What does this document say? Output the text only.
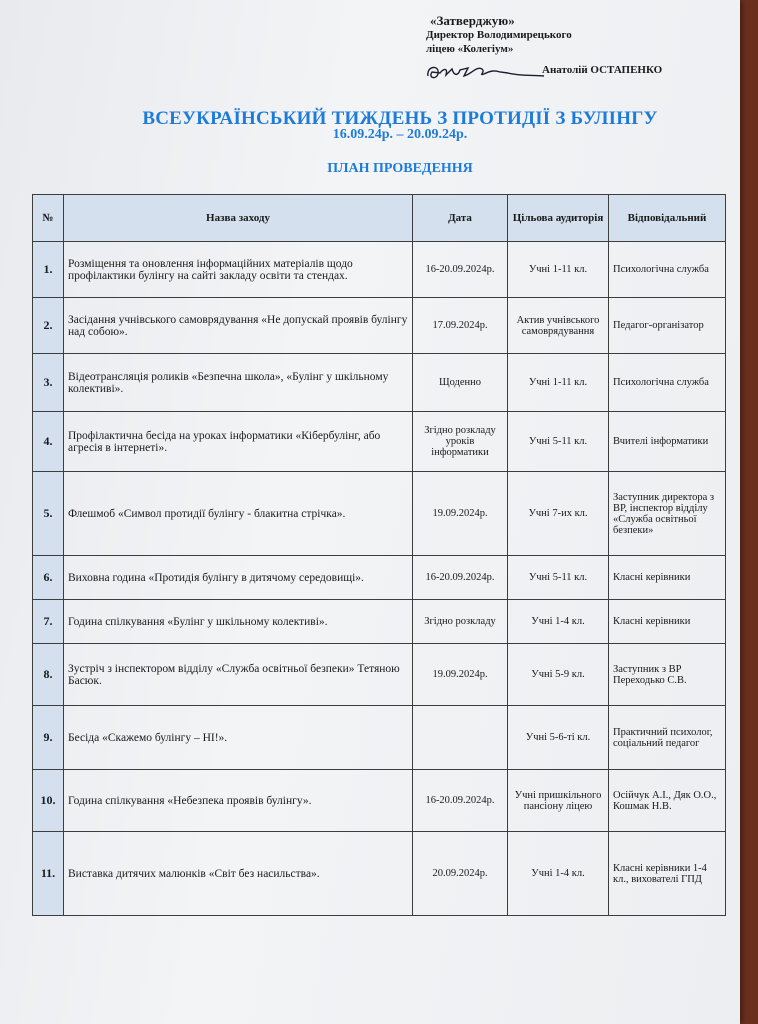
«Затверджую»
Директор Володимирецького
ліцею «Колегіум»
Анатолій ОСТАПЕНКО
ВСЕУКРАЇНСЬКИЙ ТИЖДЕНЬ З ПРОТИДІЇ З БУЛІНГУ
16.09.24р. – 20.09.24р.
ПЛАН ПРОВЕДЕННЯ
№	Назва заходу	Дата	Цільова аудиторія	Відповідальний
1.	Розміщення та оновлення інформаційних матеріалів щодо профілактики булінгу на сайті закладу освіти та стендах.	16-20.09.2024р.	Учні 1-11 кл.	Психологічна служба
2.	Засідання учнівського самоврядування «Не допускай проявів булінгу над собою».	17.09.2024р.	Актив учнівського самоврядування	Педагог-організатор
3.	Відеотрансляція роликів «Безпечна школа», «Булінг у шкільному колективі».	Щоденно	Учні 1-11 кл.	Психологічна служба
4.	Профілактична бесіда на уроках інформатики «Кібербулінг, або агресія в інтернеті».	Згідно розкладу уроків інформатики	Учні 5-11 кл.	Вчителі інформатики
5.	Флешмоб «Символ протидії булінгу - блакитна стрічка».	19.09.2024р.	Учні 7-их кл.	Заступник директора з ВР, інспектор відділу «Служба освітньої безпеки»
6.	Виховна година «Протидія булінгу в дитячому середовищі».	16-20.09.2024р.	Учні 5-11 кл.	Класні керівники
7.	Година спілкування «Булінг у шкільному колективі».	Згідно розкладу	Учні 1-4 кл.	Класні керівники
8.	Зустріч з інспектором відділу «Служба освітньої безпеки» Тетяною Басюк.	19.09.2024р.	Учні 5-9 кл.	Заступник з ВР Переходько С.В.
9.	Бесіда «Скажемо булінгу – НІ!».		Учні 5-6-ті кл.	Практичний психолог, соціальний педагог
10.	Година спілкування «Небезпека проявів булінгу».	16-20.09.2024р.	Учні пришкільного пансіону ліцею	Осійчук А.І., Дяк О.О., Кошмак Н.В.
11.	Виставка дитячих малюнків «Світ без насильства».	20.09.2024р.	Учні 1-4 кл.	Класні керівники 1-4 кл., вихователі ГПД
